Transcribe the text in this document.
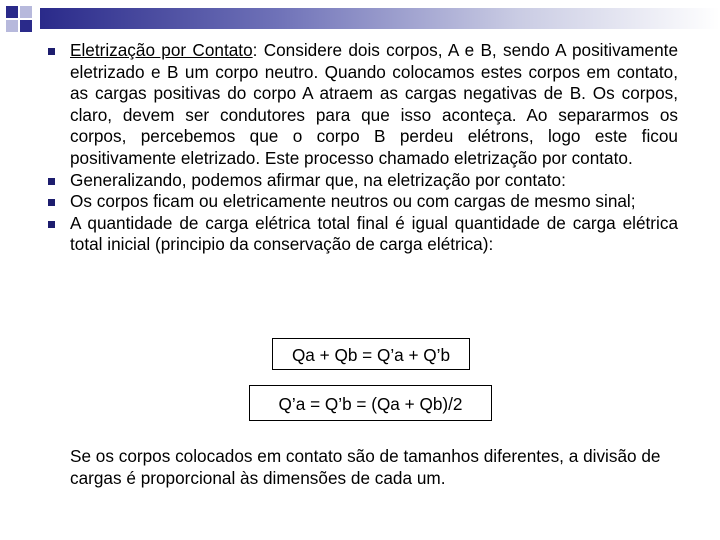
Eletrização por Contato: Considere dois corpos, A e B, sendo A positivamente eletrizado e B um corpo neutro. Quando colocamos estes corpos em contato, as cargas positivas do corpo A atraem as cargas negativas de B. Os corpos, claro, devem ser condutores para que isso aconteça. Ao separarmos os corpos, percebemos que o corpo B perdeu elétrons, logo este ficou positivamente eletrizado. Este processo chamado eletrização por contato.
Generalizando, podemos afirmar que, na eletrização por contato:
Os corpos ficam ou eletricamente neutros ou com cargas de mesmo sinal;
A quantidade de carga elétrica total final é igual quantidade de carga elétrica total inicial (principio da conservação de carga elétrica):
Qa + Qb = Q’a + Q’b
Q’a = Q’b = (Qa + Qb)/2
Se os corpos colocados em contato são de tamanhos diferentes, a divisão de cargas é proporcional às dimensões de cada um.
